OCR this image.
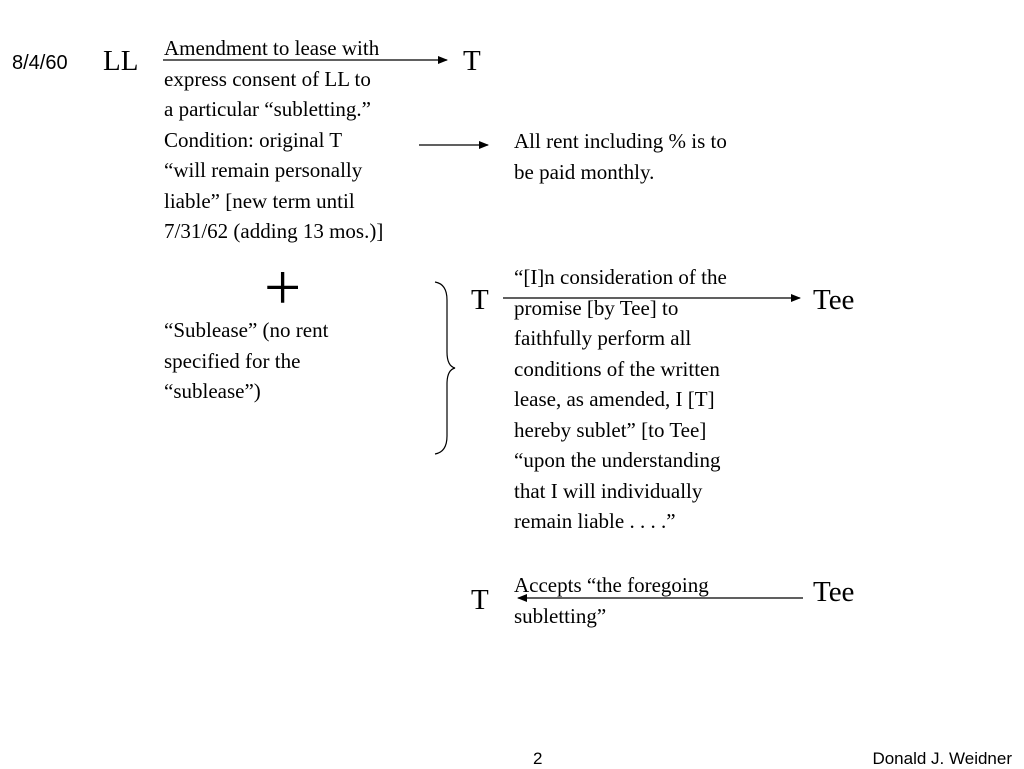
8/4/60 LL	T
Amendment to lease with
express consent of LL to
a particular “subletting.”
Condition: original T
“will remain personally
liable” [new term until
7/31/62 (adding 13 mos.)]
All rent including % is to
be paid monthly.
+
“Sublease” (no rent
specified for the
“sublease”)
T	Tee
“[I]n consideration of the
promise [by Tee] to
faithfully perform all
conditions of the written
lease, as amended, I [T]
hereby sublet” [to Tee]
“upon the understanding
that I will individually
remain liable . . . .”
T	Tee
Accepts “the foregoing
subletting”
2	Donald J. Weidner
